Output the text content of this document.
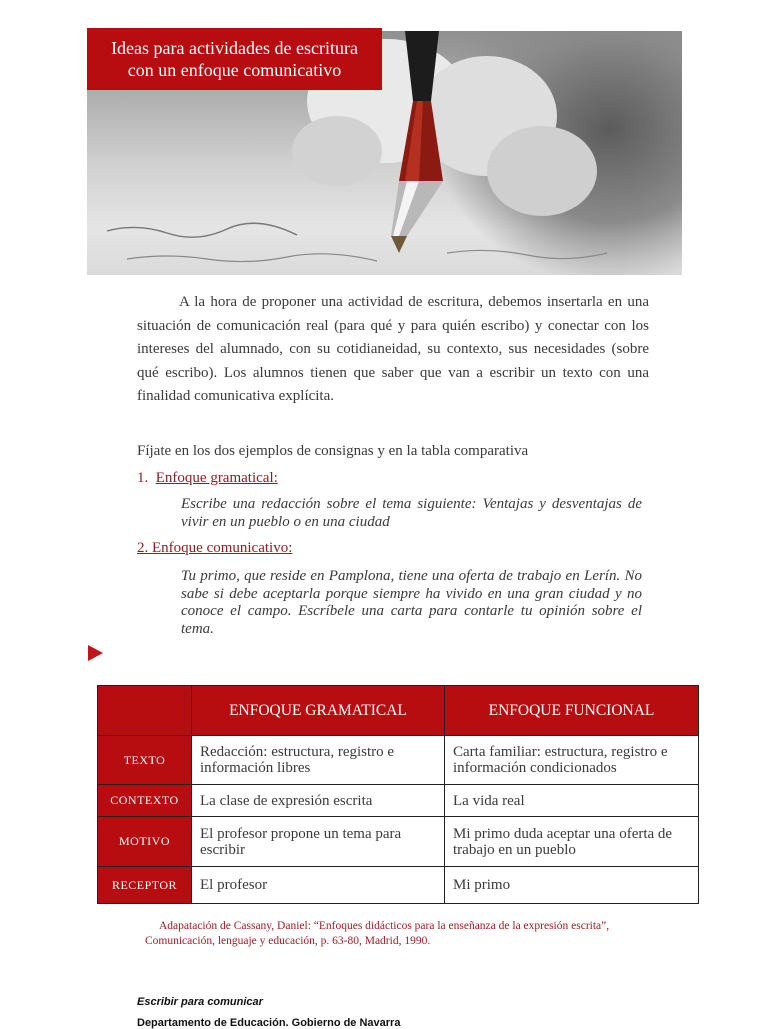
Ideas para actividades de escritura
con un enfoque comunicativo
A la hora de proponer una actividad de escritura, debemos insertarla en una situación de comunicación real (para qué y para quién escribo) y conectar con los intereses del alumnado, con su cotidianeidad, su contexto, sus necesidades (sobre qué escribo). Los alumnos tienen que saber que van a escribir un texto con una finalidad comunicativa explícita.
Fíjate en los dos ejemplos de consignas y en la tabla comparativa
1. Enfoque gramatical:
Escribe una redacción sobre el tema siguiente: Ventajas y desventajas de vivir en un pueblo o en una ciudad
2. Enfoque comunicativo:
Tu primo, que reside en Pamplona, tiene una oferta de trabajo en Lerín. No sabe si debe aceptarla porque siempre ha vivido en una gran ciudad y no conoce el campo. Escríbele una carta para contarle tu opinión sobre el tema.
	ENFOQUE GRAMATICAL	ENFOQUE FUNCIONAL
TEXTO	Redacción: estructura, registro e información libres	Carta familiar: estructura, registro e información condicionados
CONTEXTO	La clase de expresión escrita	La vida real
MOTIVO	El profesor propone un tema para escribir	Mi primo duda aceptar una oferta de trabajo en un pueblo
RECEPTOR	El profesor	Mi primo
Adapatación de Cassany, Daniel: “Enfoques didácticos para la enseñanza de la expresión escrita”, Comunicación, lenguaje y educación, p. 63-80, Madrid, 1990.
Escribir para comunicar
Departamento de Educación. Gobierno de Navarra
